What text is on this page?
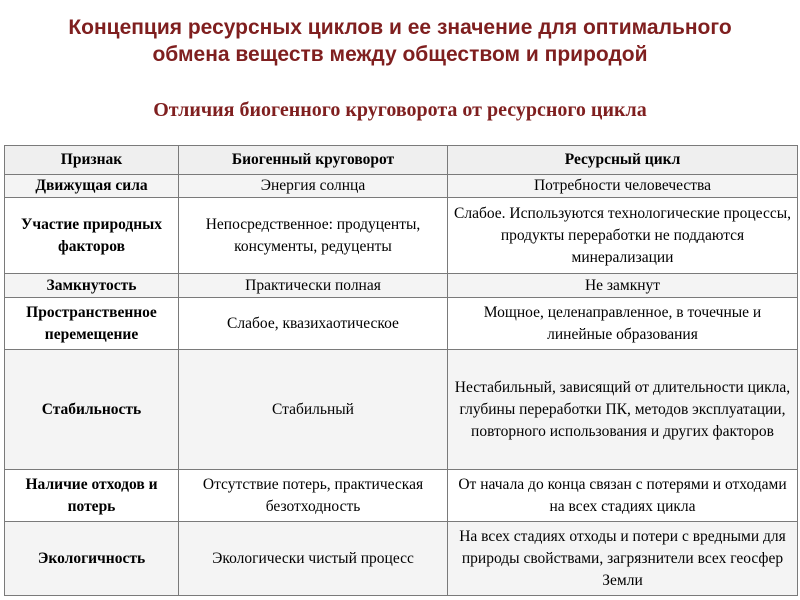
Концепция ресурсных циклов и ее значение для оптимального обмена веществ между обществом и природой
Отличия биогенного круговорота от ресурсного цикла
Признак	Биогенный круговорот	Ресурсный цикл
Движущая сила	Энергия солнца	Потребности человечества
Участие природных факторов	Непосредственное: продуценты, консументы, редуценты	Слабое. Используются технологические процессы, продукты переработки не поддаются минерализации
Замкнутость	Практически полная	Не замкнут
Пространственное перемещение	Слабое, квазихаотическое	Мощное, целенаправленное, в точечные и линейные образования
Стабильность	Стабильный	Нестабильный, зависящий от длительности цикла, глубины переработки ПК, методов эксплуатации, повторного использования и других факторов
Наличие отходов и потерь	Отсутствие потерь, практическая безотходность	От начала до конца связан с потерями и отходами на всех стадиях цикла
Экологичность	Экологически чистый процесс	На всех стадиях отходы и потери с вредными для природы свойствами, загрязнители всех геосфер Земли
